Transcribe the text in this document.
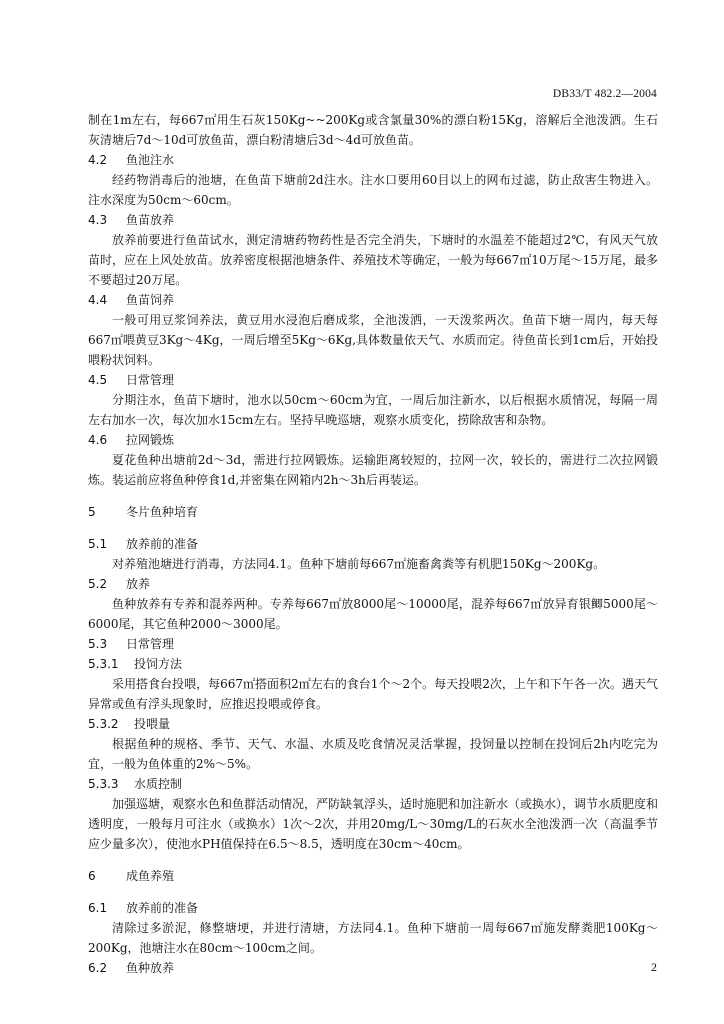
DB33/T 482.2—2004

制在1m左右，每667㎡用生石灰150Kg~~200Kg或含氯量30%的漂白粉15Kg，溶解后全池泼洒。生石灰清塘后7d～10d可放鱼苗，漂白粉清塘后3d～4d可放鱼苗。

4.2 鱼池注水

经药物消毒后的池塘，在鱼苗下塘前2d注水。注水口要用60目以上的网布过滤，防止敌害生物进入。注水深度为50cm～60cm。

4.3 鱼苗放养

放养前要进行鱼苗试水，测定清塘药物药性是否完全消失，下塘时的水温差不能超过2℃，有风天气放苗时，应在上风处放苗。放养密度根据池塘条件、养殖技术等确定，一般为每667㎡10万尾～15万尾，最多不要超过20万尾。

4.4 鱼苗饲养

一般可用豆浆饲养法，黄豆用水浸泡后磨成浆，全池泼洒，一天泼浆两次。鱼苗下塘一周内，每天每667㎡喂黄豆3Kg～4Kg，一周后增至5Kg～6Kg,具体数量依天气、水质而定。待鱼苗长到1cm后，开始投喂粉状饲料。

4.5 日常管理

分期注水，鱼苗下塘时，池水以50cm～60cm为宜，一周后加注新水，以后根据水质情况，每隔一周左右加水一次，每次加水15cm左右。坚持早晚巡塘，观察水质变化，捞除敌害和杂物。

4.6 拉网锻炼

夏花鱼种出塘前2d～3d，需进行拉网锻炼。运输距离较短的，拉网一次，较长的，需进行二次拉网锻炼。装运前应将鱼种停食1d,并密集在网箱内2h～3h后再装运。

5	冬片鱼种培育
5.1 放养前的准备

对养殖池塘进行消毒，方法同4.1。鱼种下塘前每667㎡施畜禽粪等有机肥150Kg～200Kg。

5.2 放养

鱼种放养有专养和混养两种。专养每667㎡放8000尾～10000尾，混养每667㎡放异育银鲫5000尾～6000尾，其它鱼种2000～3000尾。

5.3 日常管理
5.3.1 投饲方法

采用搭食台投喂，每667㎡搭面积2㎡左右的食台1个～2个。每天投喂2次，上午和下午各一次。遇天气异常或鱼有浮头现象时，应推迟投喂或停食。

5.3.2 投喂量

根据鱼种的规格、季节、天气、水温、水质及吃食情况灵活掌握，投饲量以控制在投饲后2h内吃完为宜，一般为鱼体重的2%～5%。

5.3.3 水质控制

加强巡塘，观察水色和鱼群活动情况，严防缺氧浮头，适时施肥和加注新水（或换水），调节水质肥度和透明度，一般每月可注水（或换水）1次～2次，并用20mg/L～30mg/L的石灰水全池泼洒一次（高温季节应少量多次），使池水PH值保持在6.5～8.5，透明度在30cm～40cm。

6	成鱼养殖
6.1 放养前的准备

清除过多淤泥，修整塘埂，并进行清塘，方法同4.1。鱼种下塘前一周每667㎡施发酵粪肥100Kg～200Kg，池塘注水在80cm～100cm之间。

6.2 鱼种放养	2
